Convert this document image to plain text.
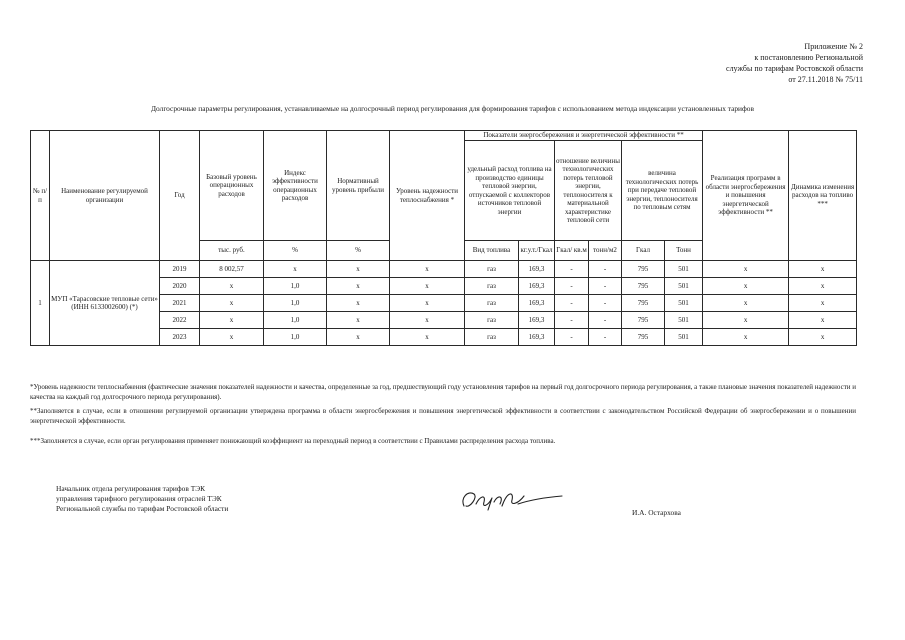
Приложение № 2
к постановлению Региональной
службы по тарифам Ростовской области
от 27.11.2018 № 75/11
Долгосрочные параметры регулирования, устанавливаемые на долгосрочный период регулирования для формирования тарифов с использованием метода индексации установленных тарифов
№ п/п	Наименование регулируемой организации	Год	Базовый уровень операционных расходов	Индекс эффективности операционных расходов	Нормативный уровень прибыли	Уровень надежности теплоснабжения *	Показатели энергосбережения и энергетической эффективности **						Реализация программ в области энергосбережения и повышения энергетической эффективности **	Динамика изменения расходов на топливо ***
							удельный расход топлива на производство единицы тепловой энергии, отпускаемой с коллекторов источников тепловой энергии		отношение величины технологических потерь тепловой энергии, теплоносителя к материальной характеристике тепловой сети		величина технологических потерь при передаче тепловой энергии, теплоносителя по тепловым сетям			
			тыс. руб.	%	%		Вид топлива	кг.у.т./Гкал	Гкал/ кв.м	тонн/м2	Гкал	Тонн		
1	МУП «Тарасовские тепловые сети» (ИНН 6133002600) (*)	2019	8 002,57	х	х	х	газ	169,3	-	-	795	501	х	х
		2020	х	1,0	х	х	газ	169,3	-	-	795	501	х	х
		2021	х	1,0	х	х	газ	169,3	-	-	795	501	х	х
		2022	х	1,0	х	х	газ	169,3	-	-	795	501	х	х
		2023	х	1,0	х	х	газ	169,3	-	-	795	501	х	х
*Уровень надежности теплоснабжения (фактические значения показателей надежности и качества, определенные за год, предшествующий году установления тарифов на первый год долгосрочного периода регулирования, а также плановые значения показателей надежности и качества на каждый год долгосрочного периода регулирования).
**Заполняется в случае, если в отношении регулируемой организации утверждена программа в области энергосбережения и повышения энергетической эффективности в соответствии с законодательством Российской Федерации об энергосбережении и о повышении энергетической эффективности.
***Заполняется в случае, если орган регулирования применяет понижающий коэффициент на переходный период в соответствии с Правилами распределения расхода топлива.
Начальник отдела регулирования тарифов ТЭК
управления тарифного регулирования отраслей ТЭК
Региональной службы по тарифам Ростовской области	И.А. Остархова
